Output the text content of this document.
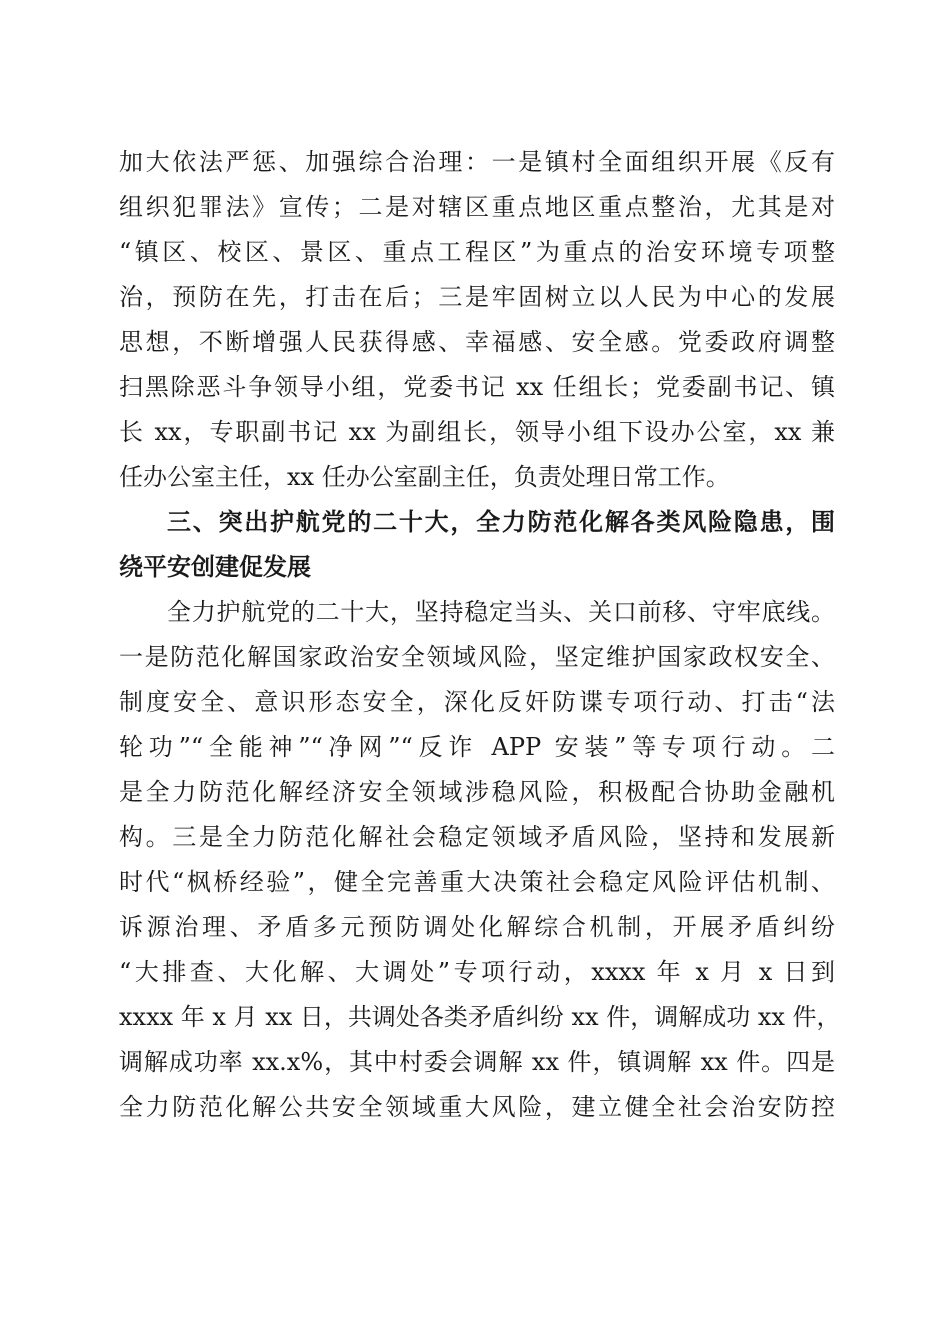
加大依法严惩、加强综合治理：一是镇村全面组织开展《反有
组织犯罪法》宣传；二是对辖区重点地区重点整治，尤其是对
“镇区、校区、景区、重点工程区”为重点的治安环境专项整
治，预防在先，打击在后；三是牢固树立以人民为中心的发展
思想，不断增强人民获得感、幸福感、安全感。党委政府调整
扫黑除恶斗争领导小组，党委书记 xx 任组长；党委副书记、镇
长 xx，专职副书记 xx 为副组长，领导小组下设办公室，xx 兼
任办公室主任，xx 任办公室副主任，负责处理日常工作。
三、突出护航党的二十大，全力防范化解各类风险隐患，围
绕平安创建促发展
全力护航党的二十大，坚持稳定当头、关口前移、守牢底线。
一是防范化解国家政治安全领域风险，坚定维护国家政权安全、
制度安全、意识形态安全，深化反奸防谍专项行动、打击“法
轮功”“全能神”“净网”“反诈 APP 安装”等专项行动。二
是全力防范化解经济安全领域涉稳风险，积极配合协助金融机
构。三是全力防范化解社会稳定领域矛盾风险，坚持和发展新
时代“枫桥经验”，健全完善重大决策社会稳定风险评估机制、
诉源治理、矛盾多元预防调处化解综合机制，开展矛盾纠纷
“大排查、大化解、大调处”专项行动，xxxx 年 x 月 x 日到
xxxx 年 x 月 xx 日，共调处各类矛盾纠纷 xx 件，调解成功 xx 件，
调解成功率 xx.x%，其中村委会调解 xx 件，镇调解 xx 件。四是
全力防范化解公共安全领域重大风险，建立健全社会治安防控
